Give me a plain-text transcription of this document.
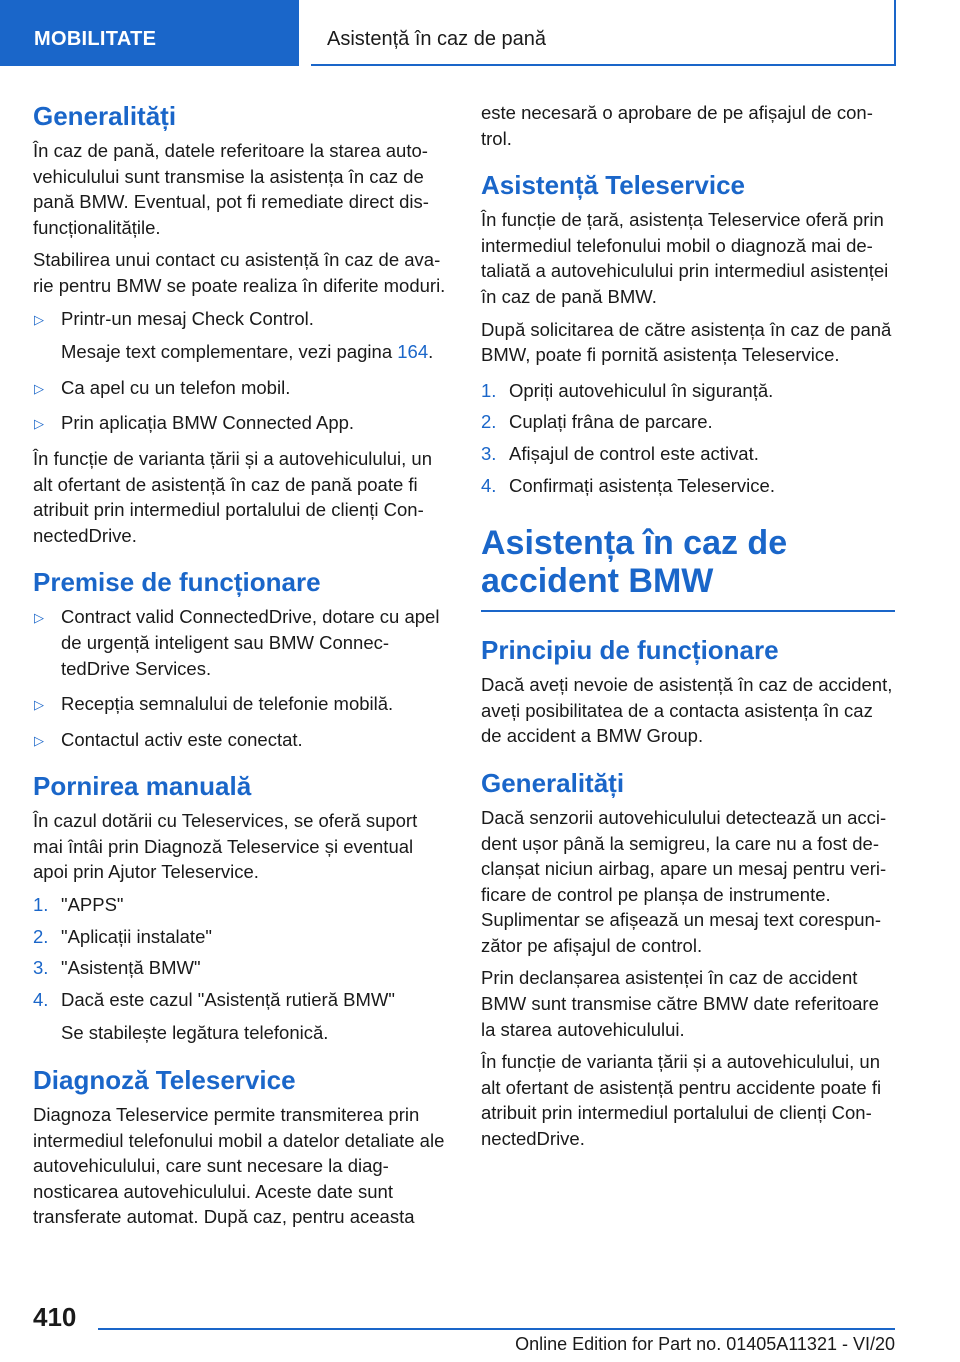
MOBILITATE	Asistență în caz de pană
Generalități

În caz de pană, datele referitoare la starea autovehiculului sunt transmise la asistența în caz de pană BMW. Eventual, pot fi remediate direct disfuncționalitățile.

Stabilirea unui contact cu asistență în caz de avarie pentru BMW se poate realiza în diferite moduri.

▷ Printr-un mesaj Check Control.
Mesaje text complementare, vezi pagina 164.
▷ Ca apel cu un telefon mobil.
▷ Prin aplicația BMW Connected App.

În funcție de varianta țării și a autovehiculului, un alt ofertant de asistență în caz de pană poate fi atribuit prin intermediul portalului de clienți ConnectedDrive.

Premise de funcționare
▷ Contract valid ConnectedDrive, dotare cu apel de urgență inteligent sau BMW ConnectedDrive Services.
▷ Recepția semnalului de telefonie mobilă.
▷ Contactul activ este conectat.
Pornirea manuală

În cazul dotării cu Teleservices, se oferă suport mai întâi prin Diagnoză Teleservice și eventual apoi prin Ajutor Teleservice.

1. "APPS"
2. "Aplicații instalate"
3. "Asistență BMW"
4. Dacă este cazul "Asistență rutieră BMW"
Se stabilește legătura telefonică.
Diagnoză Teleservice

Diagnoza Teleservice permite transmiterea prin intermediul telefonului mobil a datelor detaliate ale autovehiculului, care sunt necesare la diagnosticarea autovehiculului. Aceste date sunt transferate automat. După caz, pentru aceasta

este necesară o aprobare de pe afișajul de control.

Asistență Teleservice

În funcție de țară, asistența Teleservice oferă prin intermediul telefonului mobil o diagnoză mai detaliată a autovehiculului prin intermediul asistenței în caz de pană BMW.

După solicitarea de către asistența în caz de pană BMW, poate fi pornită asistența Teleservice.

1. Opriți autovehiculul în siguranță.
2. Cuplați frâna de parcare.
3. Afișajul de control este activat.
4. Confirmați asistența Teleservice.
Asistența în caz de accident BMW
Principiu de funcționare

Dacă aveți nevoie de asistență în caz de accident, aveți posibilitatea de a contacta asistența în caz de accident a BMW Group.

Generalități

Dacă senzorii autovehiculului detectează un accident ușor până la semigreu, la care nu a fost declanșat niciun airbag, apare un mesaj pentru verificare de control pe planșa de instrumente. Suplimentar se afișează un mesaj text corespunzător pe afișajul de control.

Prin declanșarea asistenței în caz de accident BMW sunt transmise către BMW date referitoare la starea autovehiculului.

În funcție de varianta țării și a autovehiculului, un alt ofertant de asistență pentru accidente poate fi atribuit prin intermediul portalului de clienți ConnectedDrive.

410
Online Edition for Part no. 01405A11321 - VI/20
